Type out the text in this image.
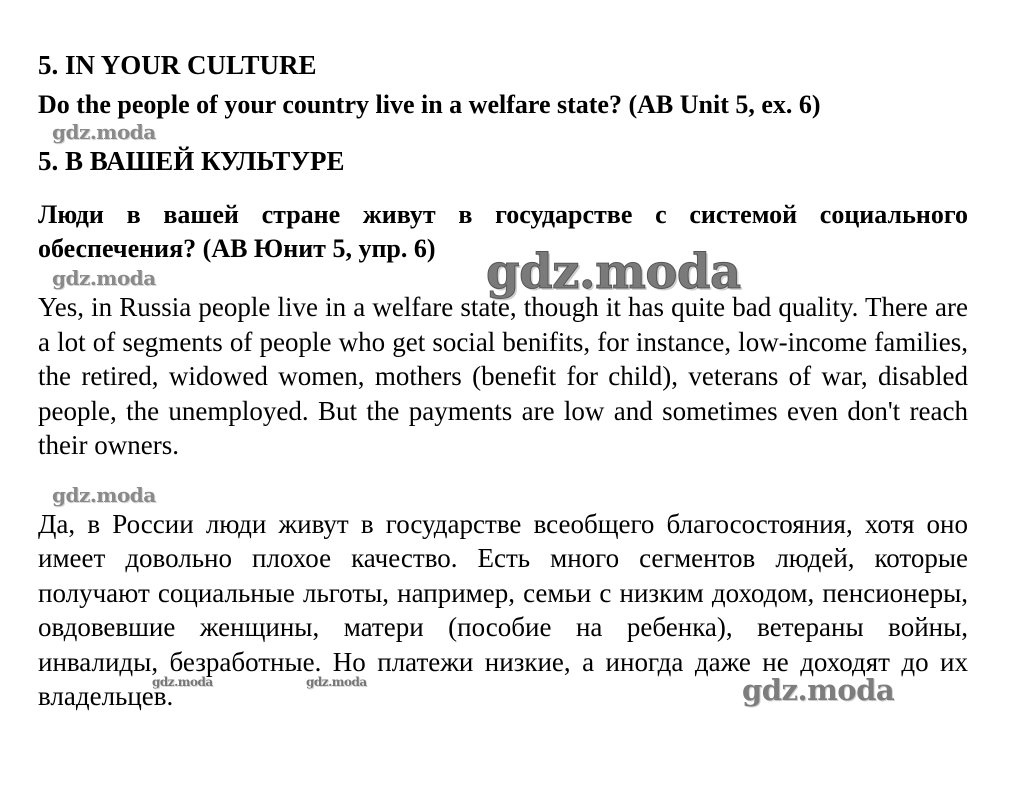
5. IN YOUR CULTURE

Do the people of your country live in a welfare state? (AB Unit 5, ex. 6)

gdz.moda

5. В ВАШЕЙ КУЛЬТУРЕ

Люди в вашей стране живут в государстве с системой социального обеспечения? (АВ Юнит 5, упр. 6)

gdz.moda

Yes, in Russia people live in a welfare state, though it has quite bad quality. There are a lot of segments of people who get social benifits, for instance, low-income families, the retired, widowed women, mothers (benefit for child), veterans of war, disabled people, the unemployed. But the payments are low and sometimes even don't reach their owners.

gdz.moda

Да, в России люди живут в государстве всеобщего благосостояния, хотя оно имеет довольно плохое качество. Есть много сегментов людей, которые получают социальные льготы, например, семьи с низким доходом, пенсионеры, овдовевшие женщины, матери (пособие на ребенка), ветераны войны, инвалиды, безработные. Но платежи низкие, а иногда даже не доходят до их владельцев.

gdz.moda
gdz.moda
gdz.moda	gdz.moda
